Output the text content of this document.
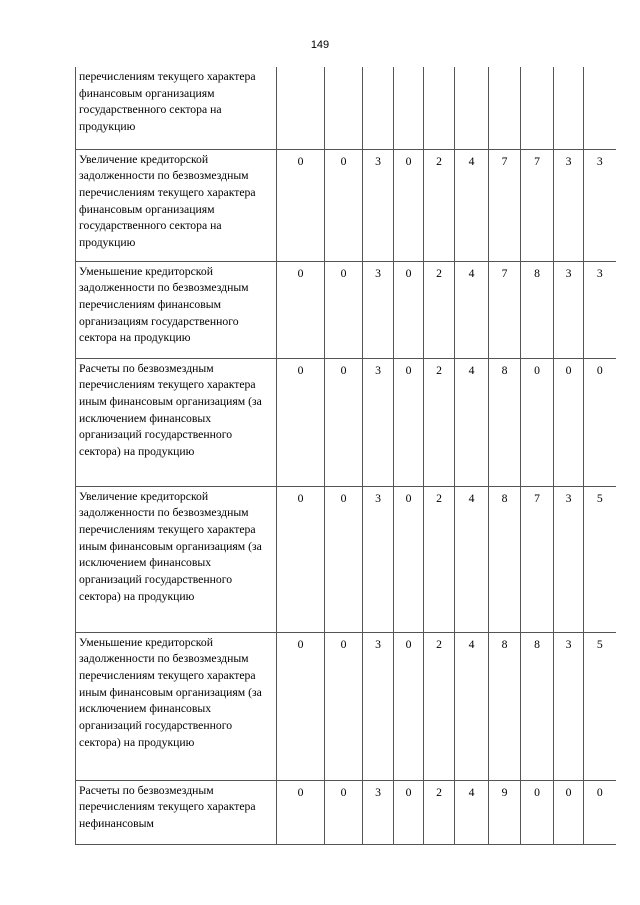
149
перечислениям текущего характера финансовым организациям государственного сектора на продукцию										
Увеличение кредиторской задолженности по безвозмездным перечислениям текущего характера финансовым организациям государственного сектора на продукцию	0	0	3	0	2	4	7	7	3	3
Уменьшение кредиторской задолженности по безвозмездным перечислениям финансовым организациям государственного сектора на продукцию	0	0	3	0	2	4	7	8	3	3
Расчеты по безвозмездным перечислениям текущего характера иным финансовым организациям (за исключением финансовых организаций государственного сектора) на продукцию	0	0	3	0	2	4	8	0	0	0
Увеличение кредиторской задолженности по безвозмездным перечислениям текущего характера иным финансовым организациям (за исключением финансовых организаций государственного сектора) на продукцию	0	0	3	0	2	4	8	7	3	5
Уменьшение кредиторской задолженности по безвозмездным перечислениям текущего характера иным финансовым организациям (за исключением финансовых организаций государственного сектора) на продукцию	0	0	3	0	2	4	8	8	3	5
Расчеты по безвозмездным перечислениям текущего характера нефинансовым	0	0	3	0	2	4	9	0	0	0
